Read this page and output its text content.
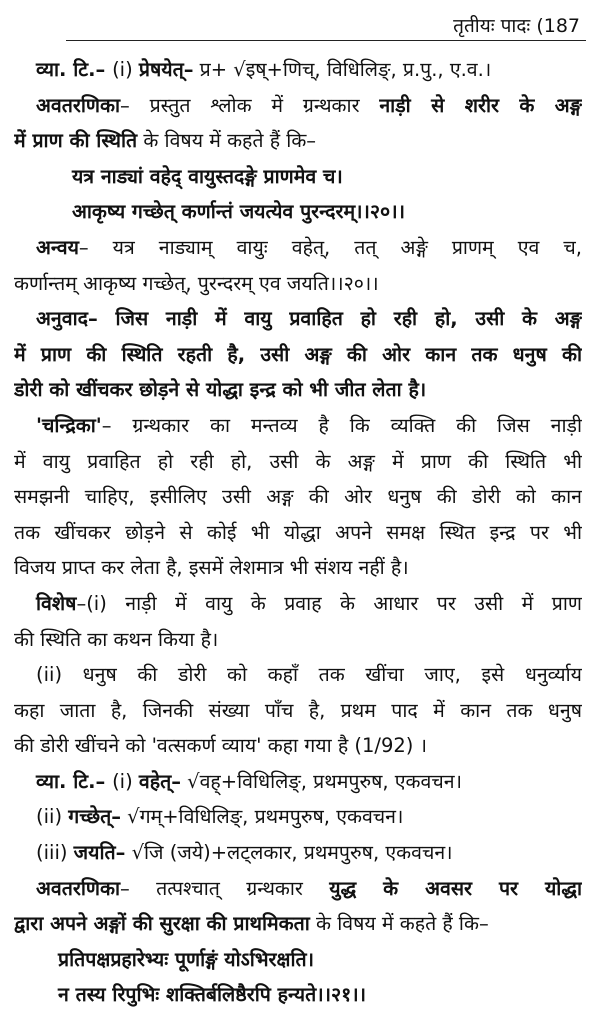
तृतीयः पादः (187
व्या. टि.– (i) प्रेषयेत्– प्र+ √इष्+णिच्, विधिलिङ्, प्र.पु., ए.व.।
अवतरणिका– प्रस्तुत श्लोक में ग्रन्थकार नाड़ी से शरीर के अङ्ग
में प्राण की स्थिति के विषय में कहते हैं कि–
यत्र नाड्यां वहेद् वायुस्तदङ्गे प्राणमेव च।
आकृष्य गच्छेत् कर्णान्तं जयत्येव पुरन्दरम्।।२०।।
अन्वय– यत्र नाड्याम् वायुः वहेत्, तत् अङ्गे प्राणम् एव च,
कर्णान्तम् आकृष्य गच्छेत्, पुरन्दरम् एव जयति।।२०।।
अनुवाद– जिस नाड़ी में वायु प्रवाहित हो रही हो, उसी के अङ्ग
में प्राण की स्थिति रहती है, उसी अङ्ग की ओर कान तक धनुष की
डोरी को खींचकर छोड़ने से योद्धा इन्द्र को भी जीत लेता है।
'चन्द्रिका'– ग्रन्थकार का मन्तव्य है कि व्यक्ति की जिस नाड़ी
में वायु प्रवाहित हो रही हो, उसी के अङ्ग में प्राण की स्थिति भी
समझनी चाहिए, इसीलिए उसी अङ्ग की ओर धनुष की डोरी को कान
तक खींचकर छोड़ने से कोई भी योद्धा अपने समक्ष स्थित इन्द्र पर भी
विजय प्राप्त कर लेता है, इसमें लेशमात्र भी संशय नहीं है।
विशेष–(i) नाड़ी में वायु के प्रवाह के आधार पर उसी में प्राण
की स्थिति का कथन किया है।
(ii) धनुष की डोरी को कहाँ तक खींचा जाए, इसे धनुर्व्याय
कहा जाता है, जिनकी संख्या पाँच है, प्रथम पाद में कान तक धनुष
की डोरी खींचने को 'वत्सकर्ण व्याय' कहा गया है (1/92) ।
व्या. टि.– (i) वहेत्– √वह्+विधिलिङ्, प्रथमपुरुष, एकवचन।
(ii) गच्छेत्– √गम्+विधिलिङ्, प्रथमपुरुष, एकवचन।
(iii) जयति– √जि (जये)+लट्लकार, प्रथमपुरुष, एकवचन।
अवतरणिका– तत्पश्चात् ग्रन्थकार युद्ध के अवसर पर योद्धा
द्वारा अपने अङ्गों की सुरक्षा की प्राथमिकता के विषय में कहते हैं कि–
प्रतिपक्षप्रहारेभ्यः पूर्णाङ्गं योऽभिरक्षति।
न तस्य रिपुभिः शक्तिर्बलिष्ठैरपि हन्यते।।२१।।
